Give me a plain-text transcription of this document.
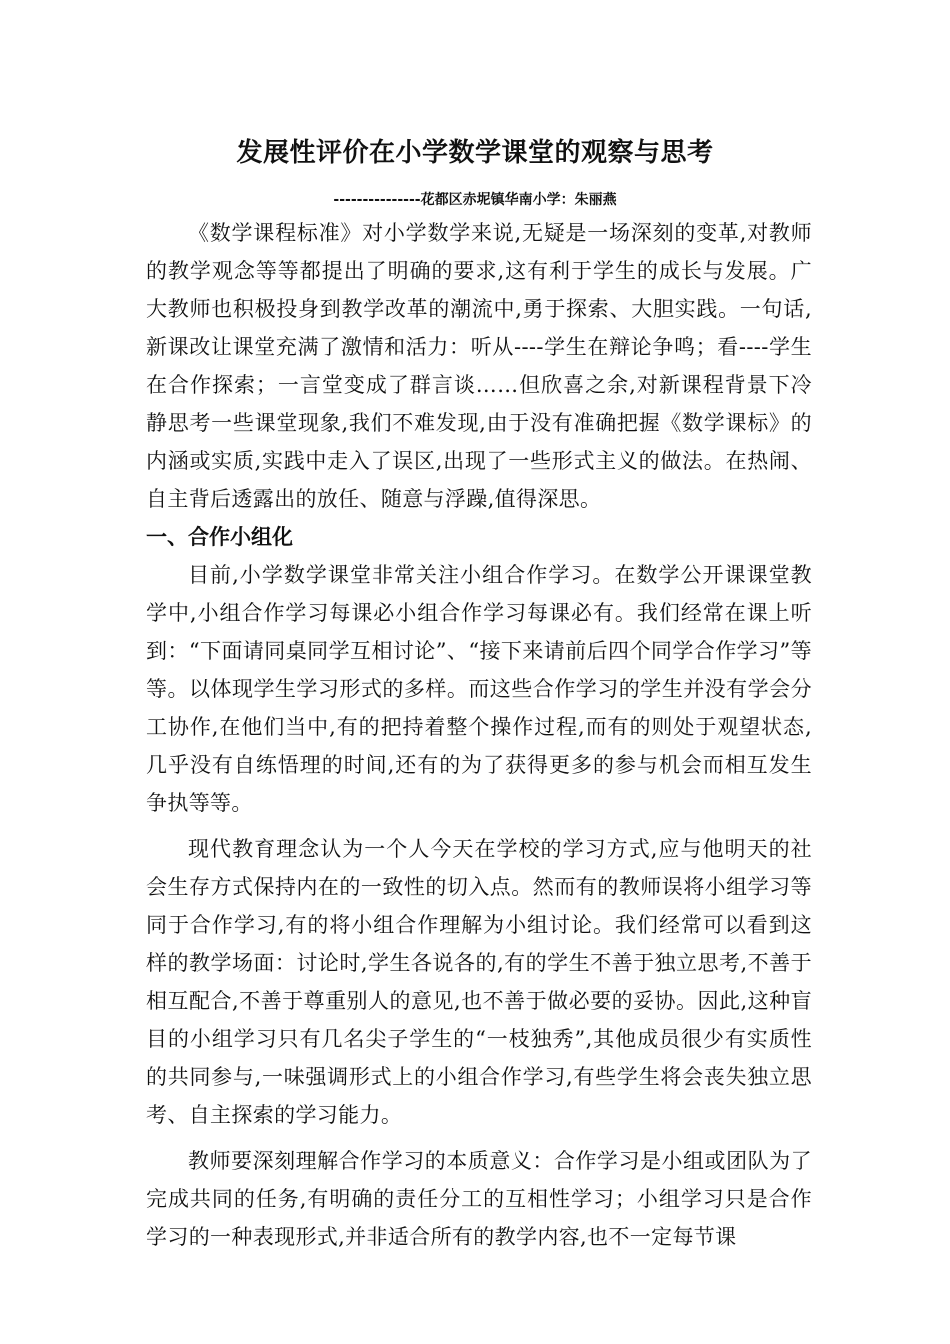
发展性评价在小学数学课堂的观察与思考
---------------花都区赤坭镇华南小学：朱丽燕

《数学课程标准》对小学数学来说,无疑是一场深刻的变革,对教师的教学观念等等都提出了明确的要求,这有利于学生的成长与发展。广大教师也积极投身到教学改革的潮流中,勇于探索、大胆实践。一句话,新课改让课堂充满了激情和活力：听从----学生在辩论争鸣；看----学生在合作探索；一言堂变成了群言谈……但欣喜之余,对新课程背景下冷静思考一些课堂现象,我们不难发现,由于没有准确把握《数学课标》的内涵或实质,实践中走入了误区,出现了一些形式主义的做法。在热闹、自主背后透露出的放任、随意与浮躁,值得深思。

一、合作小组化

目前,小学数学课堂非常关注小组合作学习。在数学公开课课堂教学中,小组合作学习每课必小组合作学习每课必有。我们经常在课上听到：“下面请同桌同学互相讨论”、“接下来请前后四个同学合作学习”等等。以体现学生学习形式的多样。而这些合作学习的学生并没有学会分工协作,在他们当中,有的把持着整个操作过程,而有的则处于观望状态,几乎没有自练悟理的时间,还有的为了获得更多的参与机会而相互发生争执等等。

现代教育理念认为一个人今天在学校的学习方式,应与他明天的社会生存方式保持内在的一致性的切入点。然而有的教师误将小组学习等同于合作学习,有的将小组合作理解为小组讨论。我们经常可以看到这样的教学场面：讨论时,学生各说各的,有的学生不善于独立思考,不善于相互配合,不善于尊重别人的意见,也不善于做必要的妥协。因此,这种盲目的小组学习只有几名尖子学生的“一枝独秀”,其他成员很少有实质性的共同参与,一味强调形式上的小组合作学习,有些学生将会丧失独立思考、自主探索的学习能力。

教师要深刻理解合作学习的本质意义：合作学习是小组或团队为了完成共同的任务,有明确的责任分工的互相性学习；小组学习只是合作学习的一种表现形式,并非适合所有的教学内容,也不一定每节课
